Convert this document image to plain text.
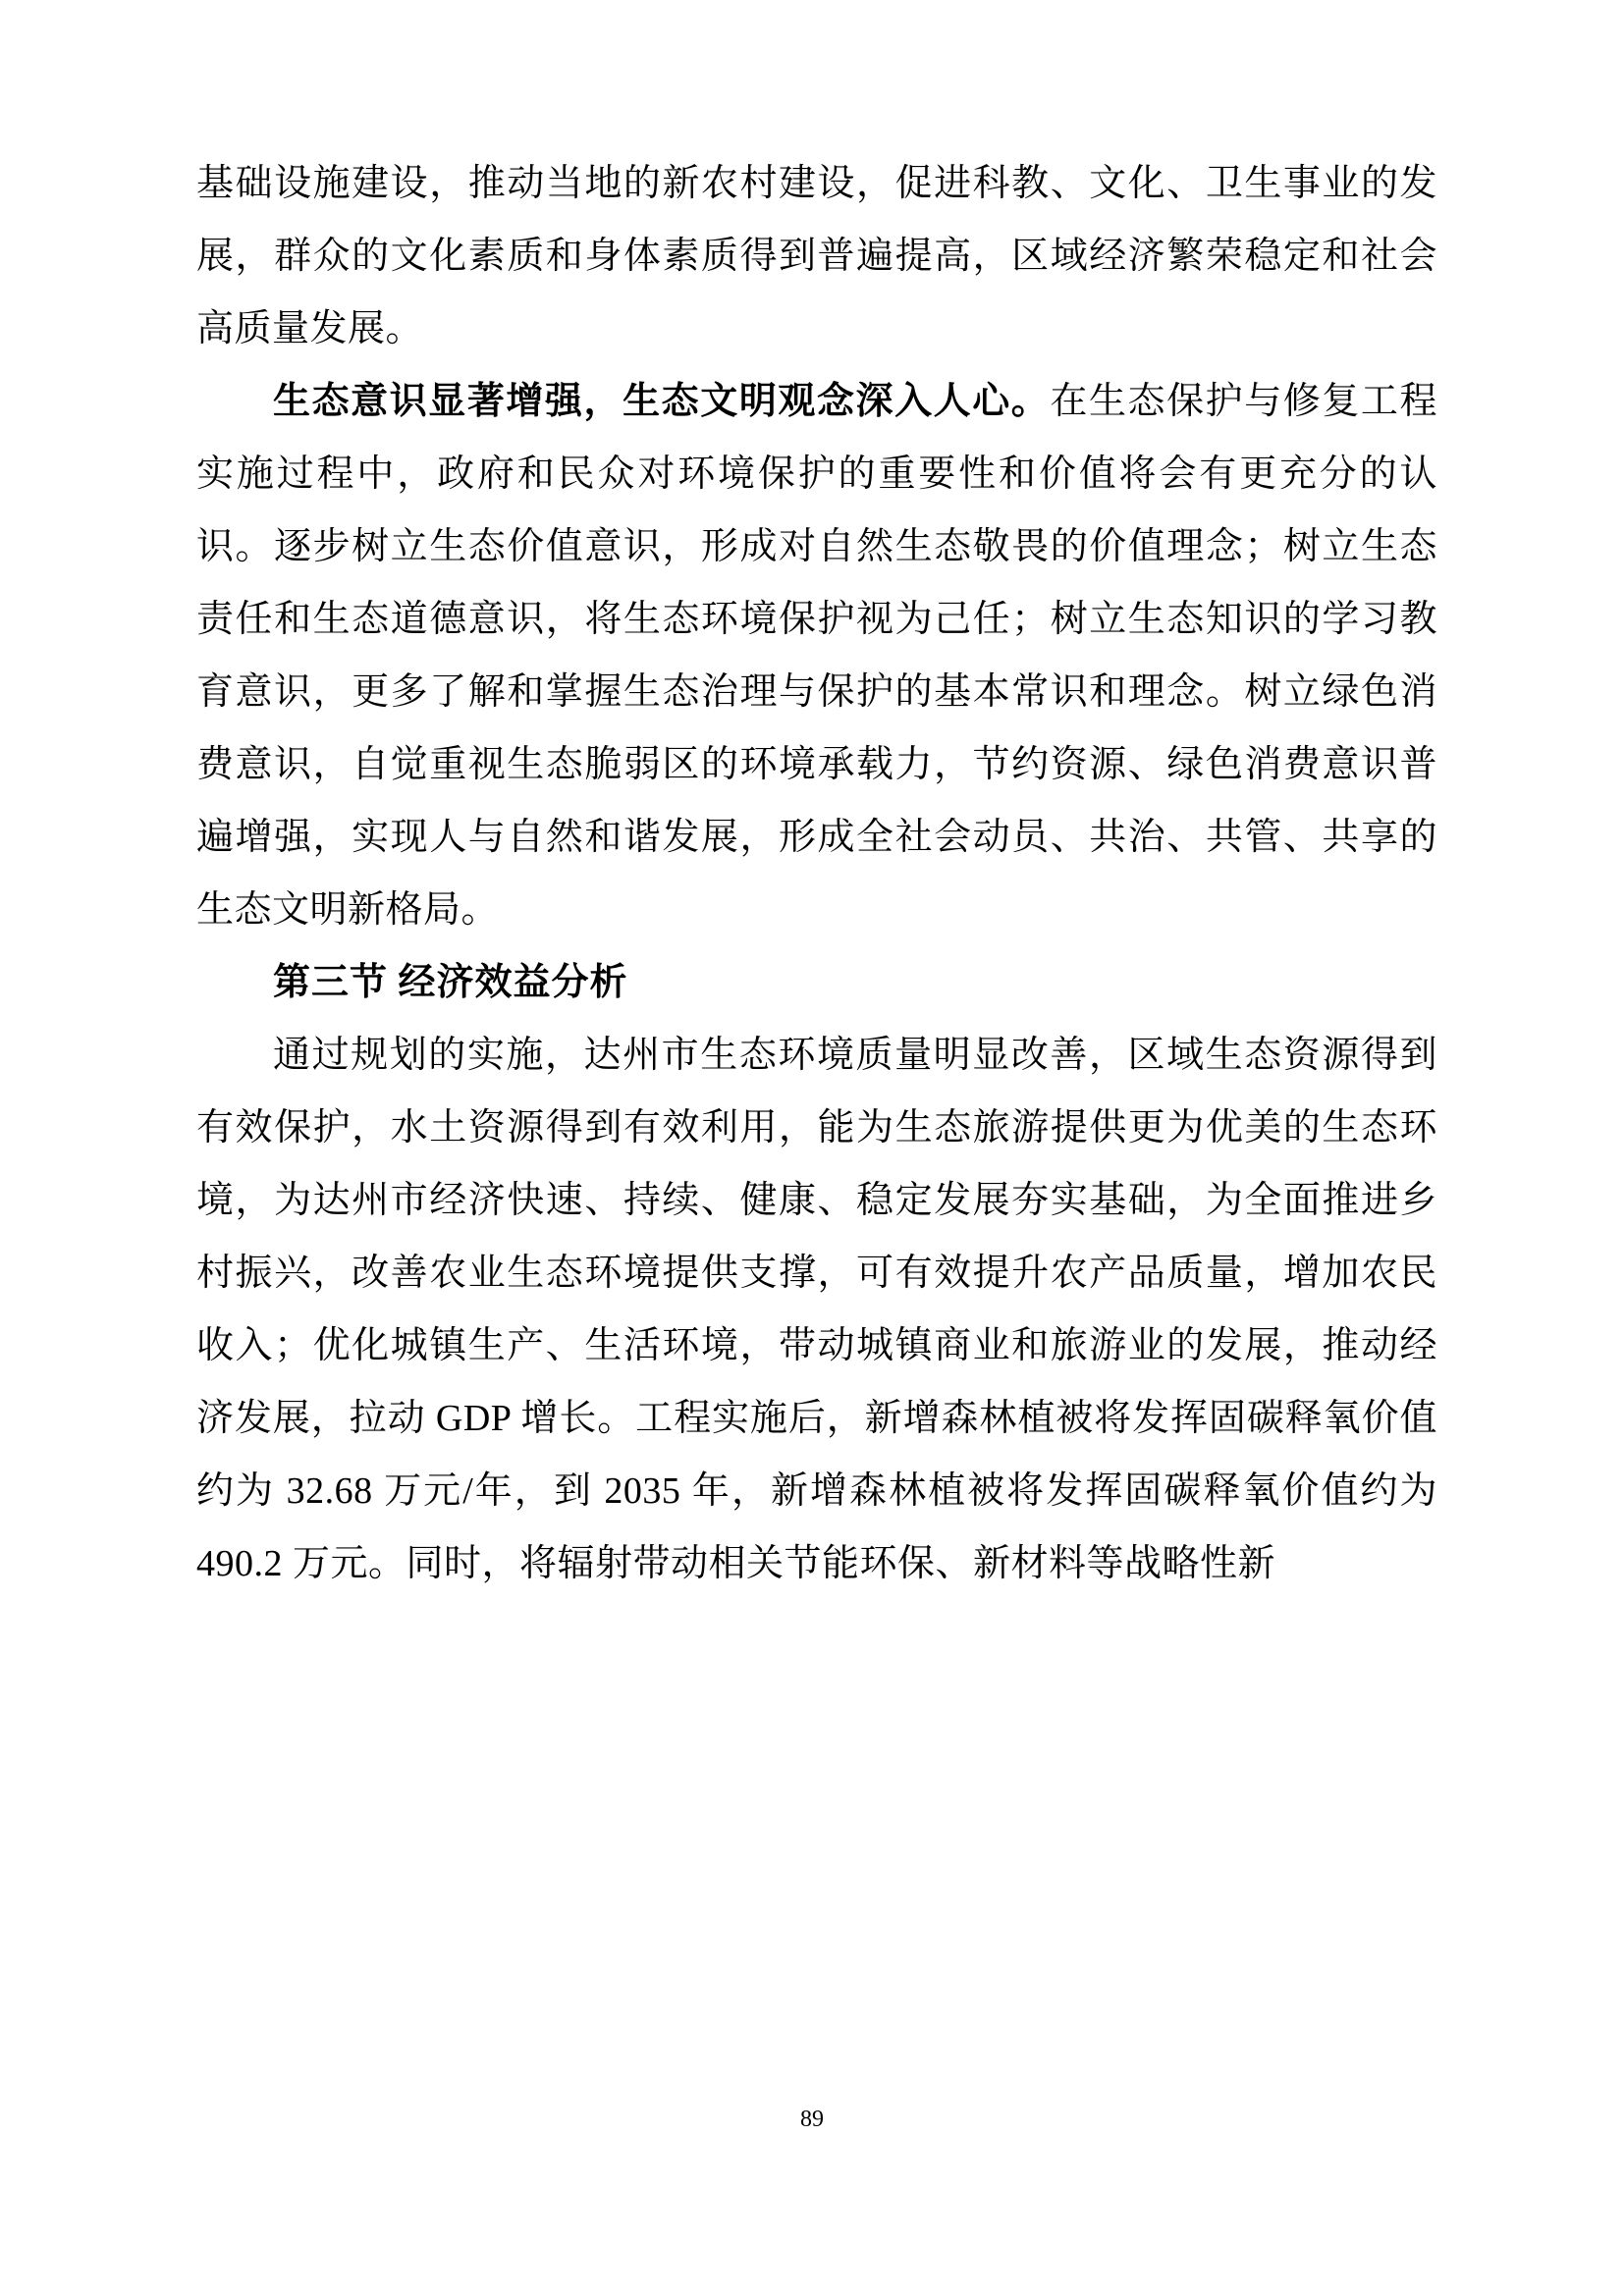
基础设施建设，推动当地的新农村建设，促进科教、文化、卫生事业的发展，群众的文化素质和身体素质得到普遍提高，区域经济繁荣稳定和社会高质量发展。

生态意识显著增强，生态文明观念深入人心。在生态保护与修复工程实施过程中，政府和民众对环境保护的重要性和价值将会有更充分的认识。逐步树立生态价值意识，形成对自然生态敬畏的价值理念；树立生态责任和生态道德意识，将生态环境保护视为己任；树立生态知识的学习教育意识，更多了解和掌握生态治理与保护的基本常识和理念。树立绿色消费意识，自觉重视生态脆弱区的环境承载力，节约资源、绿色消费意识普遍增强，实现人与自然和谐发展，形成全社会动员、共治、共管、共享的生态文明新格局。

第三节 经济效益分析

通过规划的实施，达州市生态环境质量明显改善，区域生态资源得到有效保护，水土资源得到有效利用，能为生态旅游提供更为优美的生态环境，为达州市经济快速、持续、健康、稳定发展夯实基础，为全面推进乡村振兴，改善农业生态环境提供支撑，可有效提升农产品质量，增加农民收入；优化城镇生产、生活环境，带动城镇商业和旅游业的发展，推动经济发展，拉动 GDP 增长。工程实施后，新增森林植被将发挥固碳释氧价值约为 32.68 万元/年，到 2035 年，新增森林植被将发挥固碳释氧价值约为 490.2 万元。同时，将辐射带动相关节能环保、新材料等战略性新

89
